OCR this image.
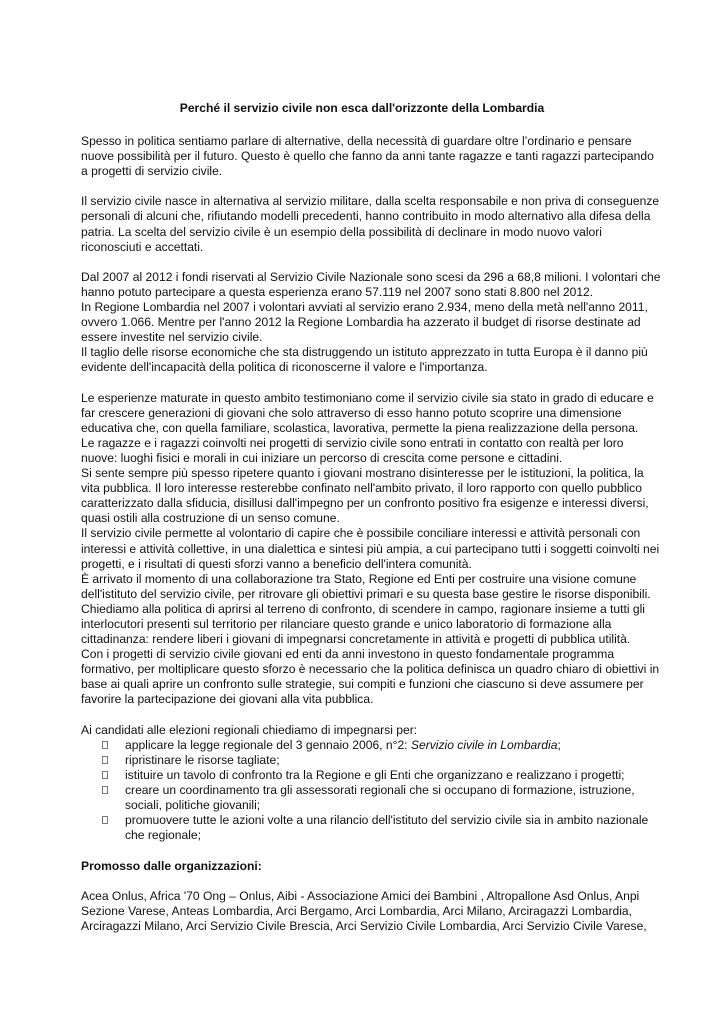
Perché il servizio civile non esca dall'orizzonte della Lombardia

Spesso in politica sentiamo parlare di alternative, della necessità di guardare oltre l’ordinario e pensare nuove possibilità per il futuro. Questo è quello che fanno da anni tante ragazze e tanti ragazzi partecipando a progetti di servizio civile.

Il servizio civile nasce in alternativa al servizio militare, dalla scelta responsabile e non priva di conseguenze personali di alcuni che, rifiutando modelli precedenti, hanno contribuito in modo alternativo alla difesa della patria. La scelta del servizio civile è un esempio della possibilità di declinare in modo nuovo valori riconosciuti e accettati.

Dal 2007 al 2012 i fondi riservati al Servizio Civile Nazionale sono scesi da 296 a 68,8 milioni. I volontari che hanno potuto partecipare a questa esperienza erano 57.119 nel 2007 sono stati 8.800 nel 2012.

In Regione Lombardia nel 2007 i volontari avviati al servizio erano 2.934, meno della metà nell'anno 2011, ovvero 1.066. Mentre per l'anno 2012 la Regione Lombardia ha azzerato il budget di risorse destinate ad essere investite nel servizio civile.

Il taglio delle risorse economiche che sta distruggendo un istituto apprezzato in tutta Europa è il danno più evidente dell'incapacità della politica di riconoscerne il valore e l'importanza.

Le esperienze maturate in questo ambito testimoniano come il servizio civile sia stato in grado di educare e far crescere generazioni di giovani che solo attraverso di esso hanno potuto scoprire una dimensione educativa che, con quella familiare, scolastica, lavorativa, permette la piena realizzazione della persona.

Le ragazze e i ragazzi coinvolti nei progetti di servizio civile sono entrati in contatto con realtà per loro nuove: luoghi fisici e morali in cui iniziare un percorso di crescita come persone e cittadini.

Si sente sempre più spesso ripetere quanto i giovani mostrano disinteresse per le istituzioni, la politica, la vita pubblica. Il loro interesse resterebbe confinato nell'ambito privato, il loro rapporto con quello pubblico caratterizzato dalla sfiducia, disillusi dall'impegno per un confronto positivo fra esigenze e interessi diversi, quasi ostili alla costruzione di un senso comune.

Il servizio civile permette al volontario di capire che è possibile conciliare interessi e attività personali con interessi e attività collettive, in una dialettica e sintesi più ampia, a cui partecipano tutti i soggetti coinvolti nei progetti, e i risultati di questi sforzi vanno a beneficio dell'intera comunità.

È arrivato il momento di una collaborazione tra Stato, Regione ed Enti per costruire una visione comune dell'istituto del servizio civile, per ritrovare gli obiettivi primari e su questa base gestire le risorse disponibili.

Chiediamo alla politica di aprirsi al terreno di confronto, di scendere in campo, ragionare insieme a tutti gli interlocutori presenti sul territorio per rilanciare questo grande e unico laboratorio di formazione alla cittadinanza: rendere liberi i giovani di impegnarsi concretamente in attività e progetti di pubblica utilità.

Con i progetti di servizio civile giovani ed enti da anni investono in questo fondamentale programma formativo, per moltiplicare questo sforzo è necessario che la politica definisca un quadro chiaro di obiettivi in base ai quali aprire un confronto sulle strategie, sui compiti e funzioni che ciascuno si deve assumere per favorire la partecipazione dei giovani alla vita pubblica.

Ai candidati alle elezioni regionali chiediamo di impegnarsi per:

applicare la legge regionale del 3 gennaio 2006, n°2: Servizio civile in Lombardia;
ripristinare le risorse tagliate;
istituire un tavolo di confronto tra la Regione e gli Enti che organizzano e realizzano i progetti;
creare un coordinamento tra gli assessorati regionali che si occupano di formazione, istruzione, sociali, politiche giovanili;
promuovere tutte le azioni volte a una rilancio dell'istituto del servizio civile sia in ambito nazionale che regionale;

Promosso dalle organizzazioni:

Acea Onlus, Africa '70 Ong – Onlus, Aibi - Associazione Amici dei Bambini , Altropallone Asd Onlus, Anpi Sezione Varese, Anteas Lombardia, Arci Bergamo, Arci Lombardia, Arci Milano, Arciragazzi Lombardia, Arciragazzi Milano, Arci Servizio Civile Brescia, Arci Servizio Civile Lombardia, Arci Servizio Civile Varese,
